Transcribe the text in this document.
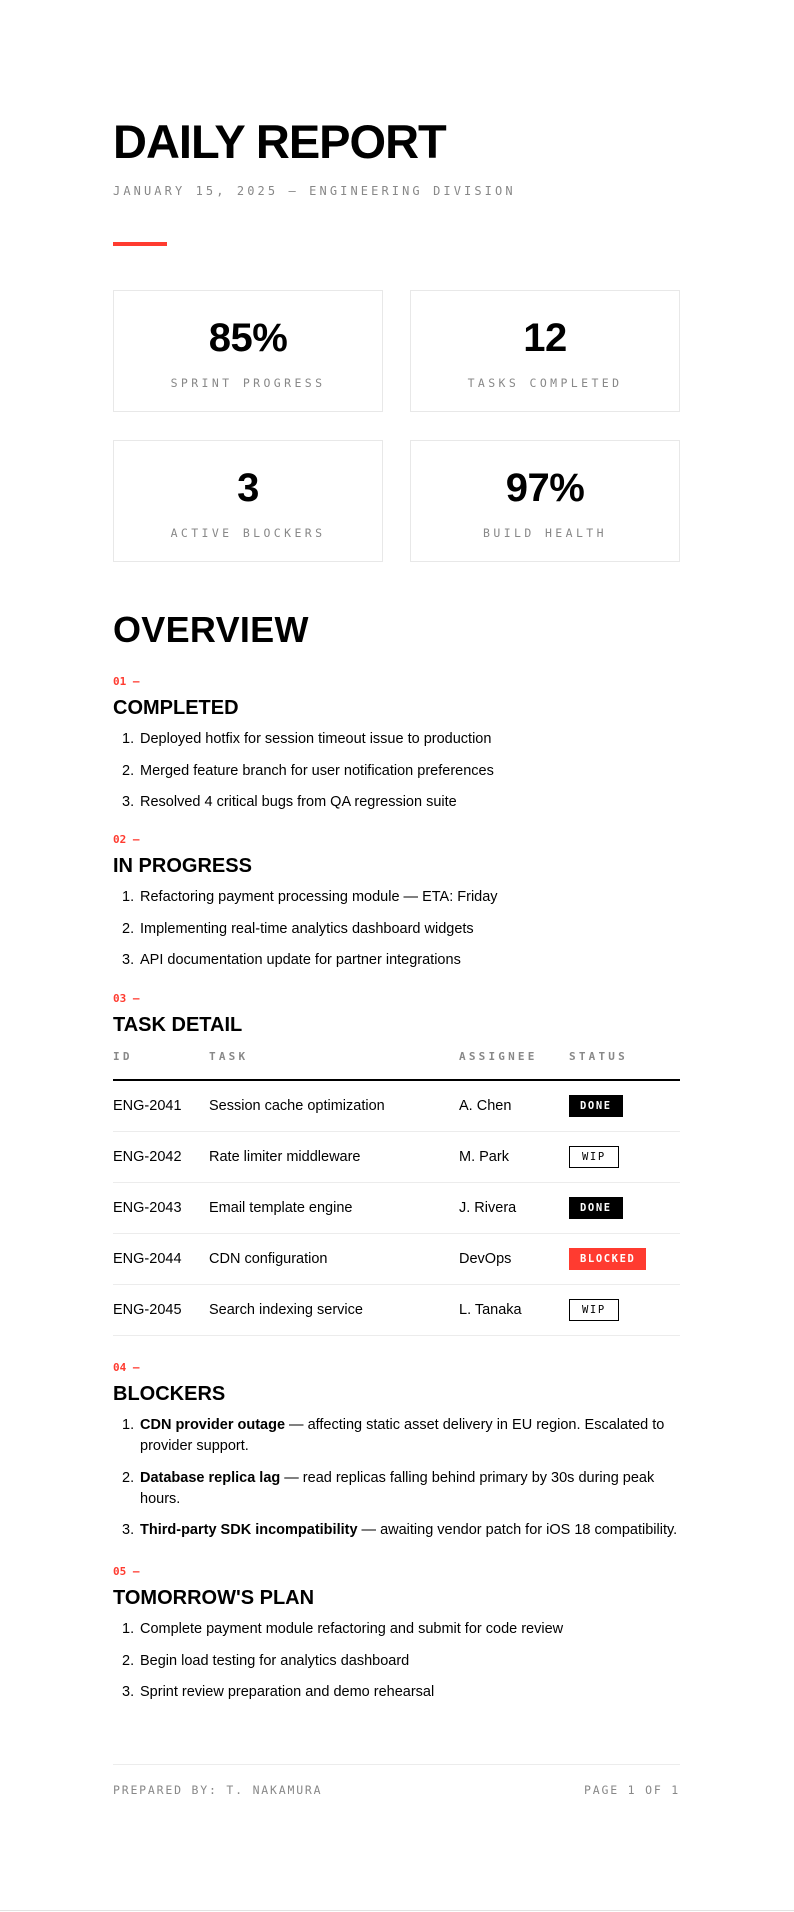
DAILY REPORT
JANUARY 15, 2025 — ENGINEERING DIVISION
85%
SPRINT PROGRESS
12
TASKS COMPLETED
3
ACTIVE BLOCKERS
97%
BUILD HEALTH
OVERVIEW
01 —
COMPLETED
1. Deployed hotfix for session timeout issue to production
2. Merged feature branch for user notification preferences
3. Resolved 4 critical bugs from QA regression suite
02 —
IN PROGRESS
1. Refactoring payment processing module — ETA: Friday
2. Implementing real-time analytics dashboard widgets
3. API documentation update for partner integrations
03 —
TASK DETAIL
ID	TASK	ASSIGNEE	STATUS
ENG-2041	Session cache optimization	A. Chen	DONE
ENG-2042	Rate limiter middleware	M. Park	WIP
ENG-2043	Email template engine	J. Rivera	DONE
ENG-2044	CDN configuration	DevOps	BLOCKED
ENG-2045	Search indexing service	L. Tanaka	WIP
04 —
BLOCKERS
1. CDN provider outage — affecting static asset delivery in EU region. Escalated to provider support.
2. Database replica lag — read replicas falling behind primary by 30s during peak hours.
3. Third-party SDK incompatibility — awaiting vendor patch for iOS 18 compatibility.
05 —
TOMORROW'S PLAN
1. Complete payment module refactoring and submit for code review
2. Begin load testing for analytics dashboard
3. Sprint review preparation and demo rehearsal
PREPARED BY: T. NAKAMURA	PAGE 1 OF 1
